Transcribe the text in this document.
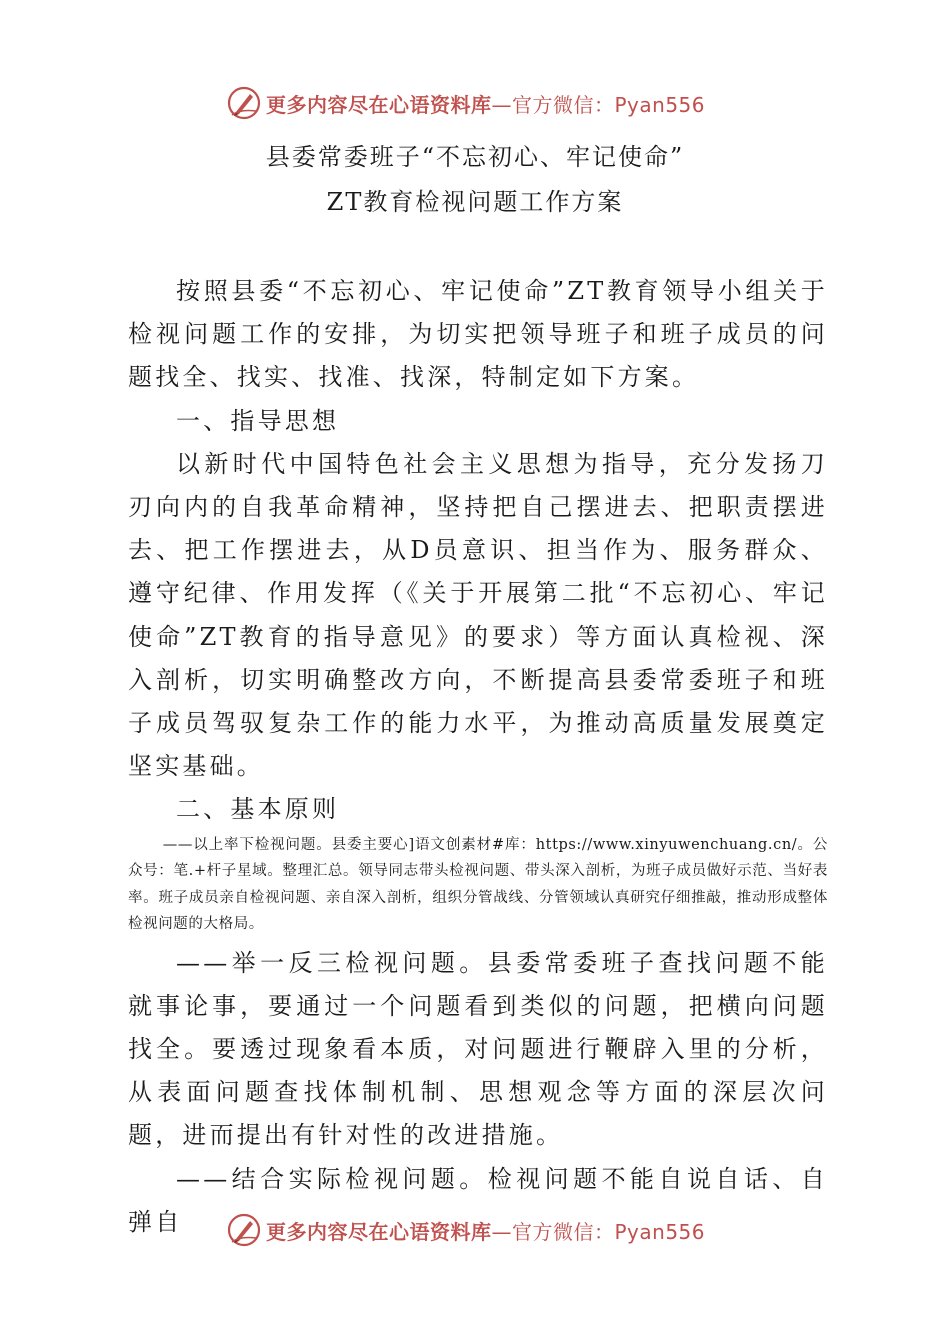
更多内容尽在心语资料库—官方微信：Pyan556
县委常委班子“不忘初心、牢记使命”
ZT教育检视问题工作方案

按照县委“不忘初心、牢记使命”ZT教育领导小组关于检视问题工作的安排，为切实把领导班子和班子成员的问题找全、找实、找准、找深，特制定如下方案。

一、指导思想

以新时代中国特色社会主义思想为指导，充分发扬刀刃向内的自我革命精神，坚持把自己摆进去、把职责摆进去、把工作摆进去，从D员意识、担当作为、服务群众、遵守纪律、作用发挥（《关于开展第二批“不忘初心、牢记使命”ZT教育的指导意见》的要求）等方面认真检视、深入剖析，切实明确整改方向，不断提高县委常委班子和班子成员驾驭复杂工作的能力水平，为推动高质量发展奠定坚实基础。

二、基本原则

——以上率下检视问题。县委主要心]语文创素材#库：https://www.xinyuwenchuang.cn/。公众号：笔.+杆子星域。整理汇总。领导同志带头检视问题、带头深入剖析，为班子成员做好示范、当好表率。班子成员亲自检视问题、亲自深入剖析，组织分管战线、分管领域认真研究仔细推敲，推动形成整体检视问题的大格局。

——举一反三检视问题。县委常委班子查找问题不能就事论事，要通过一个问题看到类似的问题，把横向问题找全。要透过现象看本质，对问题进行鞭辟入里的分析，从表面问题查找体制机制、思想观念等方面的深层次问题，进而提出有针对性的改进措施。

——结合实际检视问题。检视问题不能自说自话、自弹自	更多内容尽在心语资料库—官方微信：Pyan556
